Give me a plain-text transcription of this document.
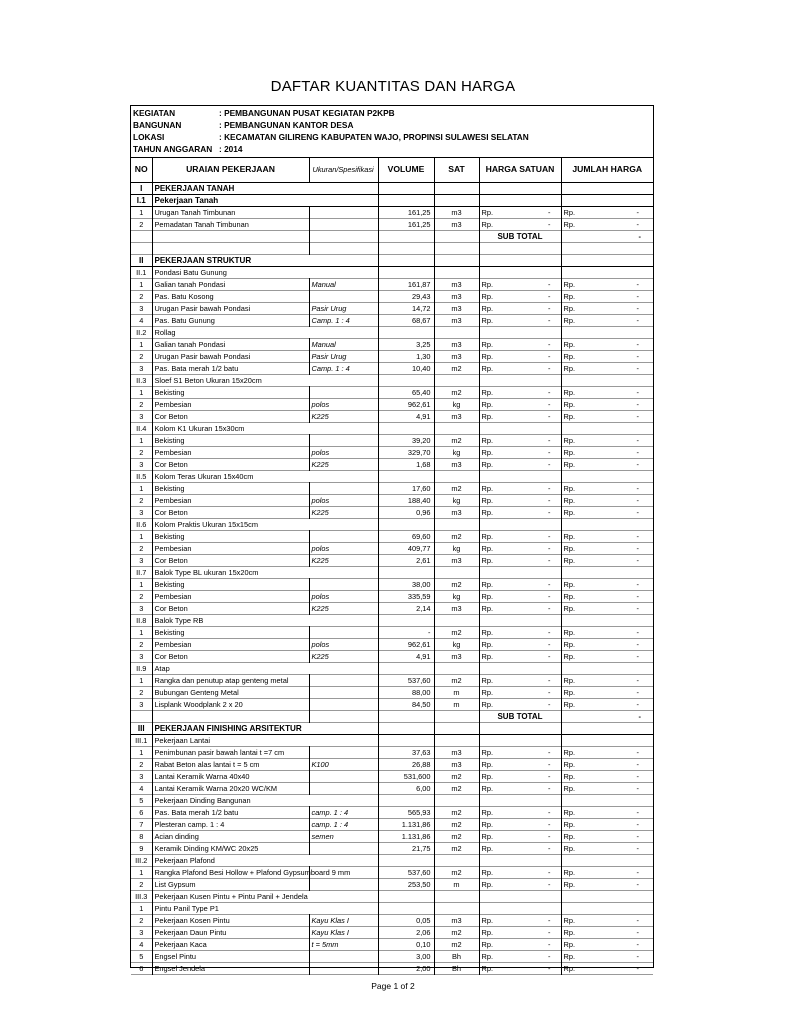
DAFTAR KUANTITAS DAN HARGA
KEGIATAN	: PEMBANGUNAN PUSAT KEGIATAN P2KPB
BANGUNAN	: PEMBANGUNAN KANTOR DESA
LOKASI	: KECAMATAN GILIRENG KABUPATEN WAJO, PROPINSI SULAWESI SELATAN
TAHUN ANGGARAN : 2014
NO	URAIAN PEKERJAAN	Ukuran/Spesifikasi	VOLUME	SAT	HARGA SATUAN	JUMLAH HARGA
I	PEKERJAAN TANAH					
I.1	Pekerjaan Tanah					
1	Urugan Tanah Timbunan		161,25	m3	Rp. -	Rp. -

2	Pemadatan Tanah Timbunan		161,25	m3	Rp. -	Rp. -

					SUB TOTAL	-

II	PEKERJAAN STRUKTUR					
II.1	Pondasi Batu Gunung					
1	Galian tanah Pondasi	Manual	161,87	m3	Rp. -	Rp. -

2	Pas. Batu Kosong		29,43	m3	Rp. -	Rp. -

3	Urugan Pasir bawah Pondasi	Pasir Urug	14,72	m3	Rp. -	Rp. -

4	Pas. Batu Gunung	Camp. 1 : 4	68,67	m3	Rp. -	Rp. -

II.2	Rollag					
1	Galian tanah Pondasi	Manual	3,25	m3	Rp. -	Rp. -

2	Urugan Pasir bawah Pondasi	Pasir Urug	1,30	m3	Rp. -	Rp. -

3	Pas. Bata merah 1/2 batu	Camp. 1 : 4	10,40	m2	Rp. -	Rp. -

II.3	Sloef S1 Beton Ukuran 15x20cm					
1	Bekisting		65,40	m2	Rp. -	Rp. -

2	Pembesian	polos	962,61	kg	Rp. -	Rp. -

3	Cor Beton	K225	4,91	m3	Rp. -	Rp. -

II.4	Kolom K1 Ukuran 15x30cm					
1	Bekisting		39,20	m2	Rp. -	Rp. -

2	Pembesian	polos	329,70	kg	Rp. -	Rp. -

3	Cor Beton	K225	1,68	m3	Rp. -	Rp. -

II.5	Kolom Teras Ukuran 15x40cm					
1	Bekisting		17,60	m2	Rp. -	Rp. -

2	Pembesian	polos	188,40	kg	Rp. -	Rp. -

3	Cor Beton	K225	0,96	m3	Rp. -	Rp. -

II.6	Kolom Praktis Ukuran 15x15cm					
1	Bekisting		69,60	m2	Rp. -	Rp. -

2	Pembesian	polos	409,77	kg	Rp. -	Rp. -

3	Cor Beton	K225	2,61	m3	Rp. -	Rp. -

II.7	Balok Type BL ukuran 15x20cm					
1	Bekisting		38,00	m2	Rp. -	Rp. -

2	Pembesian	polos	335,59	kg	Rp. -	Rp. -

3	Cor Beton	K225	2,14	m3	Rp. -	Rp. -

II.8	Balok Type RB					
1	Bekisting		-	m2	Rp. -	Rp. -

2	Pembesian	polos	962,61	kg	Rp. -	Rp. -

3	Cor Beton	K225	4,91	m3	Rp. -	Rp. -

II.9	Atap					
1	Rangka dan penutup atap genteng metal		537,60	m2	Rp. -	Rp. -

2	Bubungan Genteng Metal		88,00	m	Rp. -	Rp. -

3	Lisplank Woodplank 2 x 20		84,50	m	Rp. -	Rp. -

					SUB TOTAL	-
III	PEKERJAAN FINISHING ARSITEKTUR					
III.1	Pekerjaan Lantai					
1	Penimbunan pasir bawah lantai t =7 cm		37,63	m3	Rp. -	Rp. -

2	Rabat Beton alas lantai t = 5 cm	K100	26,88	m3	Rp. -	Rp. -

3	Lantai Keramik Warna 40x40		531,600	m2	Rp. -	Rp. -

4	Lantai Keramik Warna 20x20 WC/KM		6,00	m2	Rp. -	Rp. -

5	Pekerjaan Dinding Bangunan					
6	Pas. Bata merah 1/2 batu	camp. 1 : 4	565,93	m2	Rp. -	Rp. -

7	Plesteran camp. 1 : 4	camp. 1 : 4	1.131,86	m2	Rp. -	Rp. -

8	Acian dinding	semen	1.131,86	m2	Rp. -	Rp. -

9	Keramik Dinding KM/WC 20x25		21,75	m2	Rp. -	Rp. -

III.2	Pekerjaan Plafond					
1	Rangka Plafond Besi Hollow + Plafond Gypsumboard 9 mm		537,60	m2	Rp. -	Rp. -

2	List Gypsum		253,50	m	Rp. -	Rp. -

III.3	Pekerjaan Kusen Pintu + Pintu Panil + Jendela					
1	Pintu Panil Type P1					
2	Pekerjaan Kosen Pintu	Kayu Klas I	0,05	m3	Rp. -	Rp. -

3	Pekerjaan Daun Pintu	Kayu Klas I	2,06	m2	Rp. -	Rp. -

4	Pekerjaan Kaca	t = 5mm	0,10	m2	Rp. -	Rp. -

5	Engsel Pintu		3,00	Bh	Rp. -	Rp. -

6	Engsel Jendela		2,00	Bh	Rp. -	Rp. -
Page 1 of 2
